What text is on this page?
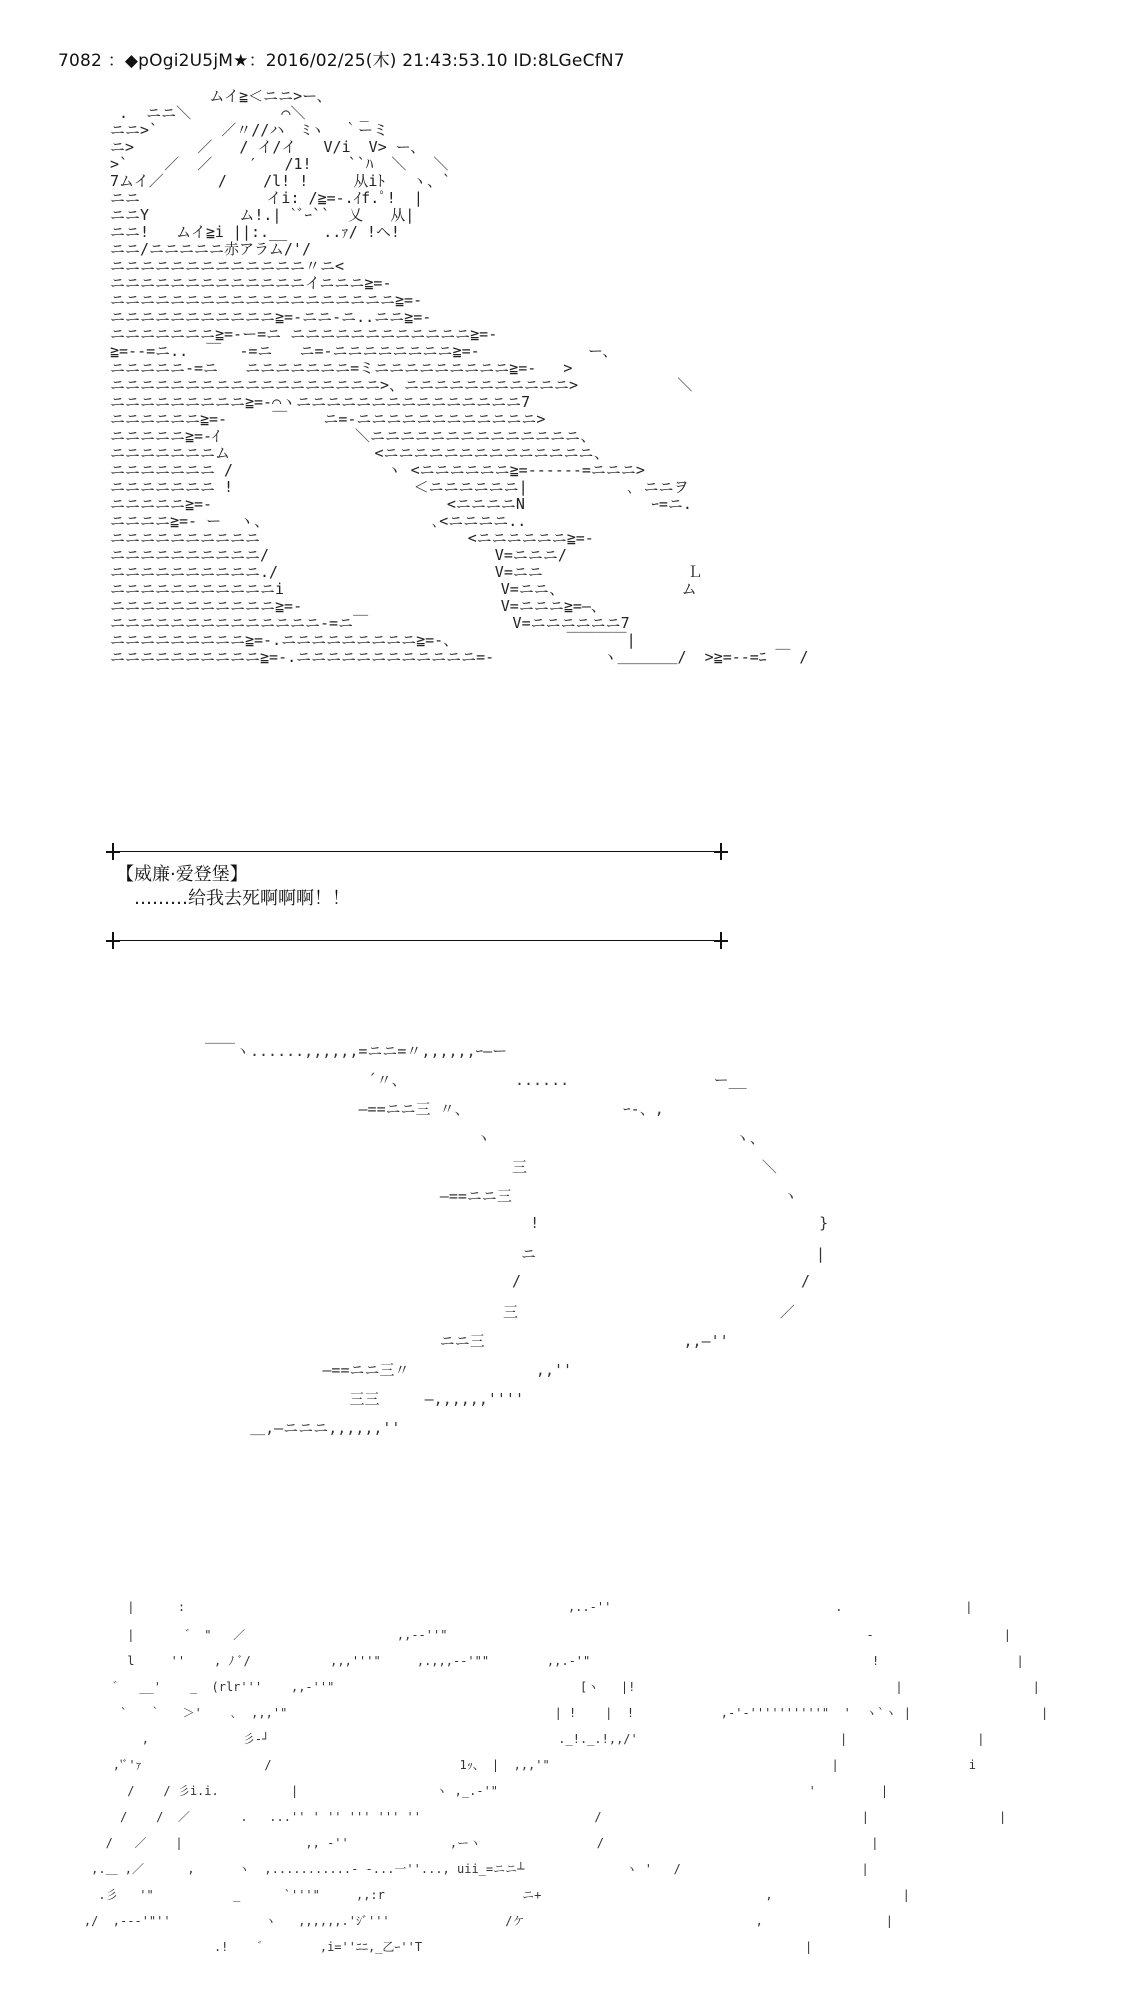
7082 ：◆pOgi2U5jM★：2016/02/25(木) 21:43:53.10 ID:8LGeCfN7
ムイ≧＜ニニ>ー、
.  ニニ＼          ⌒＼      _
ニニ>`       ／〃//ハ  ﾐヽ  ｀ーミ
ニ>       ／   / イ/イ   V/i  V> ー、
>`    ／  ／    ′   /1!    ``ﾊ  ＼   ＼
7ムイ／      /    /l! !     从iﾄ   ヽ、`
ニニ              イi: /≧=-.ｲf.ﾟ!  |
ニニY          ム!.| `ﾞｰ``  乂   从|
ニニ!   ムイ≧i ||:.__    ..ｧ/ !ヘ!
ニニ/ニニニニニ赤アラム/'/
ニニニニニニニニニニニニニ〃ニ<
ニニニニニニニニニニニニニイニニニ≧=-
ニニニニニニニニニニニニニニニニニニニ≧=-
ニニニニニニニニニニニ≧=-ニニ-ニ..ニニ≧=-
ニニニニニニニ≧=-ー=ニ ニニニニニニニニニニニニ≧=-
≧=--=ニ..  ￣  -=ニ   ニ=-ニニニニニニニニ≧=-            ー、
ニニニニニ-=ニ   ニニニニニニニ=ミニニニニニニニニニ≧=-   >
ニニニニニニニニニニニニニニニニニニ>、ニニニニニニニニニニニ>           ＼
ニニニニニニニニニ≧=-⌒ヽニニニニニニニニニニニニニニニ7
ニニニニニニ≧=-     ￣    ニ=-ニニニニニニニニニニニニ>
ニニニニニ≧=-ｲ               ＼ニニニニニニニニニニニニニニ、
ニニニニニニニム                <ニニニニニニニニニニニニニニ、
ニニニニニニニ /                 ヽ <ニニニニニニ≧=------=ニニニ>
ニニニニニニニ !                    ＜ニニニニニニ|           ､ ニニヲ
ニニニニニ≧=-                          <ニニニニN              ｰ=ニ.
ニニニニ≧=- ー  ヽ、                  ､<ニニニニ..
ニニニニニニニニニニ                       <ニニニニニニ≧=-
ニニニニニニニニニニ/                         V=ニニニ/
ニニニニニニニニニニ./                        V=ニニ                Ｌ
ニニニニニニニニニニニi                        V=ニニ、             ム
ニニニニニニニニニニニ≧=-                      V=ニニニ≧=―、
ニニニニニニニニニニニニニニ-=ニ￣                V=ニニニニニニ7
ニニニニニニニニニ≧=-.ニニニニニニニニニ≧=-、            ￣￣￣￣|
ニニニニニニニニニニ≧=-.ニニニニニニニニニニニニ=-            ヽ＿＿＿＿/  >≧=--=ﾆ ￣ /
【威廉·爱登堡】
………给我去死啊啊啊！！
￣￣ヽ......,,,,,,=ニニ=〃,,,,,,ｰ―ー
´〃、            ......                ー__
―==ニニ三 〃、                 ｰ-、,
ヽ                           ヽ、
三                          ＼
―==ニニ三                              ヽ
!                               }
ニ                               |
/                               /
三                             ／
ニニ三                      ,,―''
―==ニニ三〃              ,,''
三三     ―,,,,,,''''
＿,―ニニニ,,,,,,''
|      :                                                     ,..-''                               .                 |
|       ゛ "   ／                     ,,--''"                                                          -                  |
l     ''    , ﾉ ﾞ/           ,,,'''"     ,.,,,--'""        ,,.-'"                                       !                   |
゛  __'    _  (rlr'''    ,,-''"                                  [ヽ   |!                                    |                  |
`   ｀   ＞'    ､  ,,,'"                                     | !    |  !            ,-'-''''''''''"  '  ヽ`ヽ |                  |
,             彡-┘                                        ._!._.!,,/'                            |                  |
,'ﾞ'ｧ                 /                          1ｯ、 |  ,,,'"                                       |                  i
/    / 彡i.i.          |                   ヽ ,_.-'"                                           '         |
/    /  ／       .   ...'' ' '' ''' ''' ''                        /                                    |                  |
/   ／    |                 ,, -''              ,ーヽ                /                                     |
,.＿ ,／      ,      ヽ  ,...........- -...一''..., uii_=ニニ┴              ヽ '   /                         |
.彡   '"           _      `'''"     ,,:r                   ニ+                               ,                  |
,/  ,---'"''             ヽ   ,,,,,,.'ｼﾞ'''                /ケ                                ,                 |
.!    ゛       ,i=''ﾆﾆ,_乙ｰ''T                                                     |
